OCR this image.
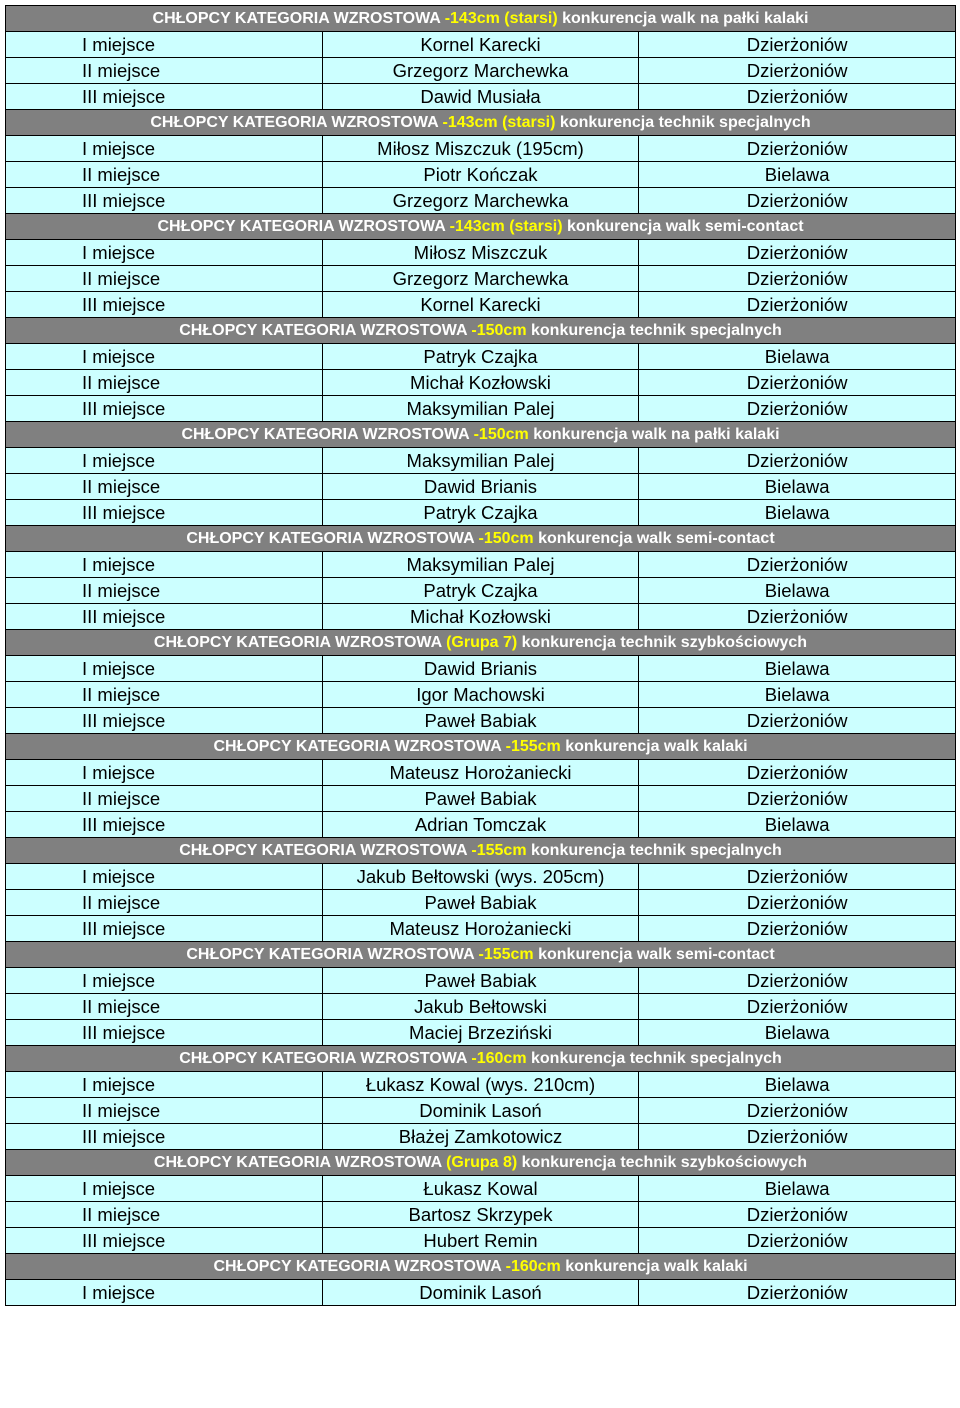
CHŁOPCY KATEGORIA WZROSTOWA -143cm (starsi) konkurencja walk na pałki kalaki		
I miejsce	Kornel Karecki	Dzierżoniów
II miejsce	Grzegorz Marchewka	Dzierżoniów
III miejsce	Dawid Musiała	Dzierżoniów
CHŁOPCY KATEGORIA WZROSTOWA -143cm (starsi) konkurencja technik specjalnych		
I miejsce	Miłosz Miszczuk (195cm)	Dzierżoniów
II miejsce	Piotr Kończak	Bielawa
III miejsce	Grzegorz Marchewka	Dzierżoniów
CHŁOPCY KATEGORIA WZROSTOWA -143cm (starsi) konkurencja walk semi-contact		
I miejsce	Miłosz Miszczuk	Dzierżoniów
II miejsce	Grzegorz Marchewka	Dzierżoniów
III miejsce	Kornel Karecki	Dzierżoniów
CHŁOPCY KATEGORIA WZROSTOWA -150cm konkurencja technik specjalnych		
I miejsce	Patryk Czajka	Bielawa
II miejsce	Michał Kozłowski	Dzierżoniów
III miejsce	Maksymilian Palej	Dzierżoniów
CHŁOPCY KATEGORIA WZROSTOWA -150cm konkurencja walk na pałki kalaki		
I miejsce	Maksymilian Palej	Dzierżoniów
II miejsce	Dawid Brianis	Bielawa
III miejsce	Patryk Czajka	Bielawa
CHŁOPCY KATEGORIA WZROSTOWA -150cm konkurencja walk semi-contact		
I miejsce	Maksymilian Palej	Dzierżoniów
II miejsce	Patryk Czajka	Bielawa
III miejsce	Michał Kozłowski	Dzierżoniów
CHŁOPCY KATEGORIA WZROSTOWA (Grupa 7) konkurencja technik szybkościowych		
I miejsce	Dawid Brianis	Bielawa
II miejsce	Igor Machowski	Bielawa
III miejsce	Paweł Babiak	Dzierżoniów
CHŁOPCY KATEGORIA WZROSTOWA -155cm konkurencja walk kalaki		
I miejsce	Mateusz Horożaniecki	Dzierżoniów
II miejsce	Paweł Babiak	Dzierżoniów
III miejsce	Adrian Tomczak	Bielawa
CHŁOPCY KATEGORIA WZROSTOWA -155cm konkurencja technik specjalnych		
I miejsce	Jakub Bełtowski (wys. 205cm)	Dzierżoniów
II miejsce	Paweł Babiak	Dzierżoniów
III miejsce	Mateusz Horożaniecki	Dzierżoniów
CHŁOPCY KATEGORIA WZROSTOWA -155cm konkurencja walk semi-contact		
I miejsce	Paweł Babiak	Dzierżoniów
II miejsce	Jakub Bełtowski	Dzierżoniów
III miejsce	Maciej Brzeziński	Bielawa
CHŁOPCY KATEGORIA WZROSTOWA -160cm konkurencja technik specjalnych		
I miejsce	Łukasz Kowal (wys. 210cm)	Bielawa
II miejsce	Dominik Lasoń	Dzierżoniów
III miejsce	Błażej Zamkotowicz	Dzierżoniów
CHŁOPCY KATEGORIA WZROSTOWA (Grupa 8) konkurencja technik szybkościowych		
I miejsce	Łukasz Kowal	Bielawa
II miejsce	Bartosz Skrzypek	Dzierżoniów
III miejsce	Hubert Remin	Dzierżoniów
CHŁOPCY KATEGORIA WZROSTOWA -160cm konkurencja walk kalaki		
I miejsce	Dominik Lasoń	Dzierżoniów
